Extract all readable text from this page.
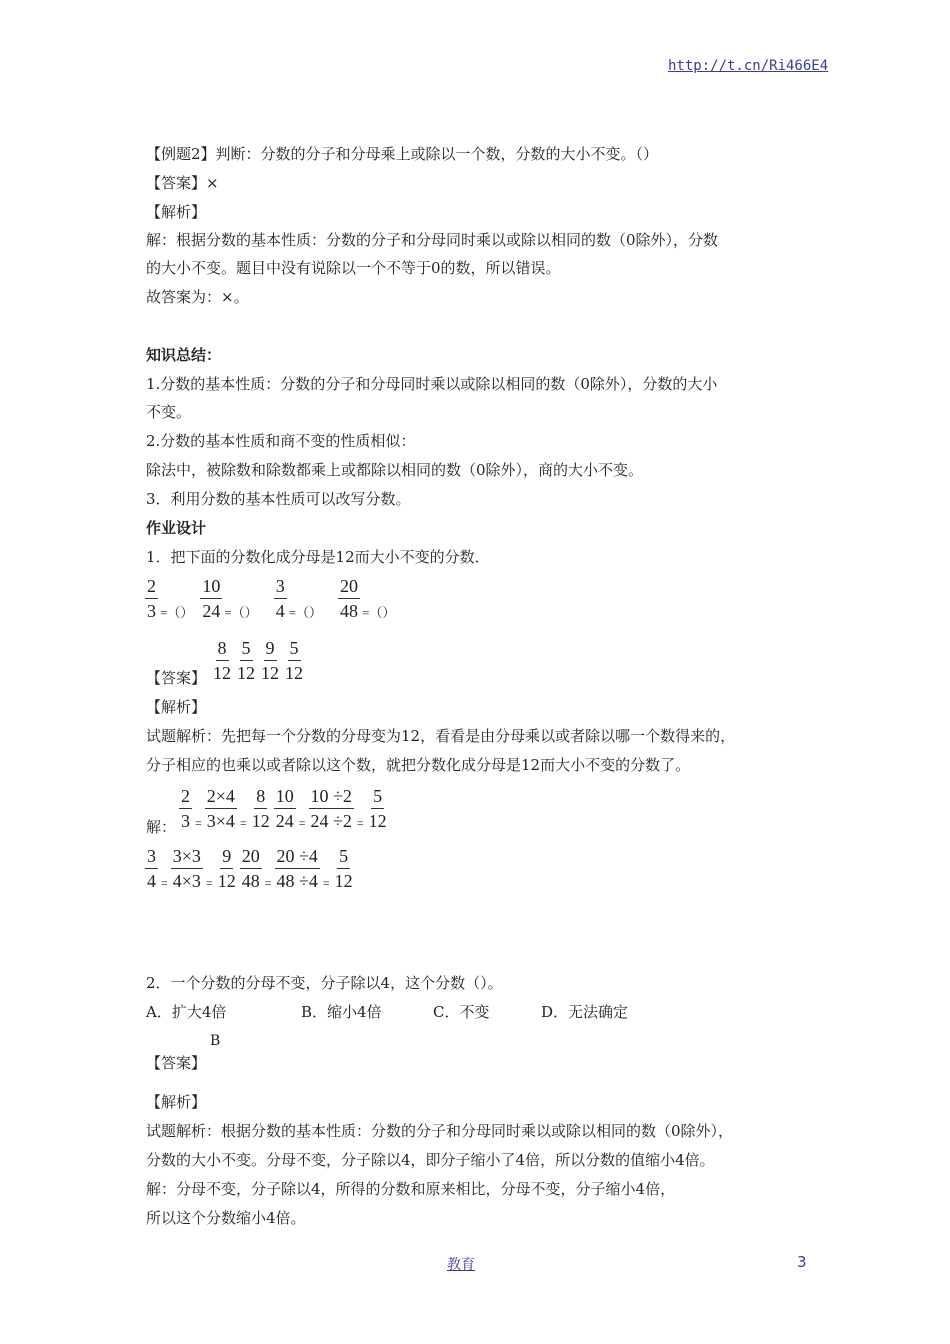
http://t.cn/Ri466E4
【例题2】判断：分数的分子和分母乘上或除以一个数，分数的大小不变。（）
【答案】×
【解析】
解：根据分数的基本性质：分数的分子和分母同时乘以或除以相同的数（0除外），分数
的大小不变。题目中没有说除以一个不等于0的数，所以错误。
故答案为：×。
知识总结：
1.分数的基本性质：分数的分子和分母同时乘以或除以相同的数（0除外），分数的大小
不变。
2.分数的基本性质和商不变的性质相似：
除法中，被除数和除数都乘上或都除以相同的数（0除外），商的大小不变。
3．利用分数的基本性质可以改写分数。
作业设计
1．把下面的分数化成分母是12而大小不变的分数．
$\frac{2}{3}$ =（） $\frac{10}{24}$ =（） $\frac{3}{4}$ =（） $\frac{20}{48}$ =（）
【答案】 $\frac{8}{12} \frac{5}{12} \frac{9}{12} \frac{5}{12}$
【解析】
试题解析：先把每一个分数的分母变为12，看看是由分母乘以或者除以哪一个数得来的，
分子相应的也乘以或者除以这个数，就把分数化成分母是12而大小不变的分数了。
解： $\frac{2}{3} = \frac{2\times 4}{3\times 4} = \frac{8}{12} \frac{10}{24} = \frac{10 \div 2}{24 \div 2} = \frac{5}{12}$
$\frac{3}{4} = \frac{3\times 3}{4\times 3} = \frac{9}{12} \frac{20}{48} = \frac{20 \div 4}{48 \div 4} = \frac{5}{12}$
2．一个分数的分母不变，分子除以4，这个分数（）。
A．扩大4倍	B．缩小4倍	C．不变	D．无法确定
B
【答案】
【解析】
试题解析：根据分数的基本性质：分数的分子和分母同时乘以或除以相同的数（0除外），
分数的大小不变。分母不变，分子除以4，即分子缩小了4倍，所以分数的值缩小4倍。
解：分母不变，分子除以4，所得的分数和原来相比，分母不变，分子缩小4倍，
所以这个分数缩小4倍。
教育	3
